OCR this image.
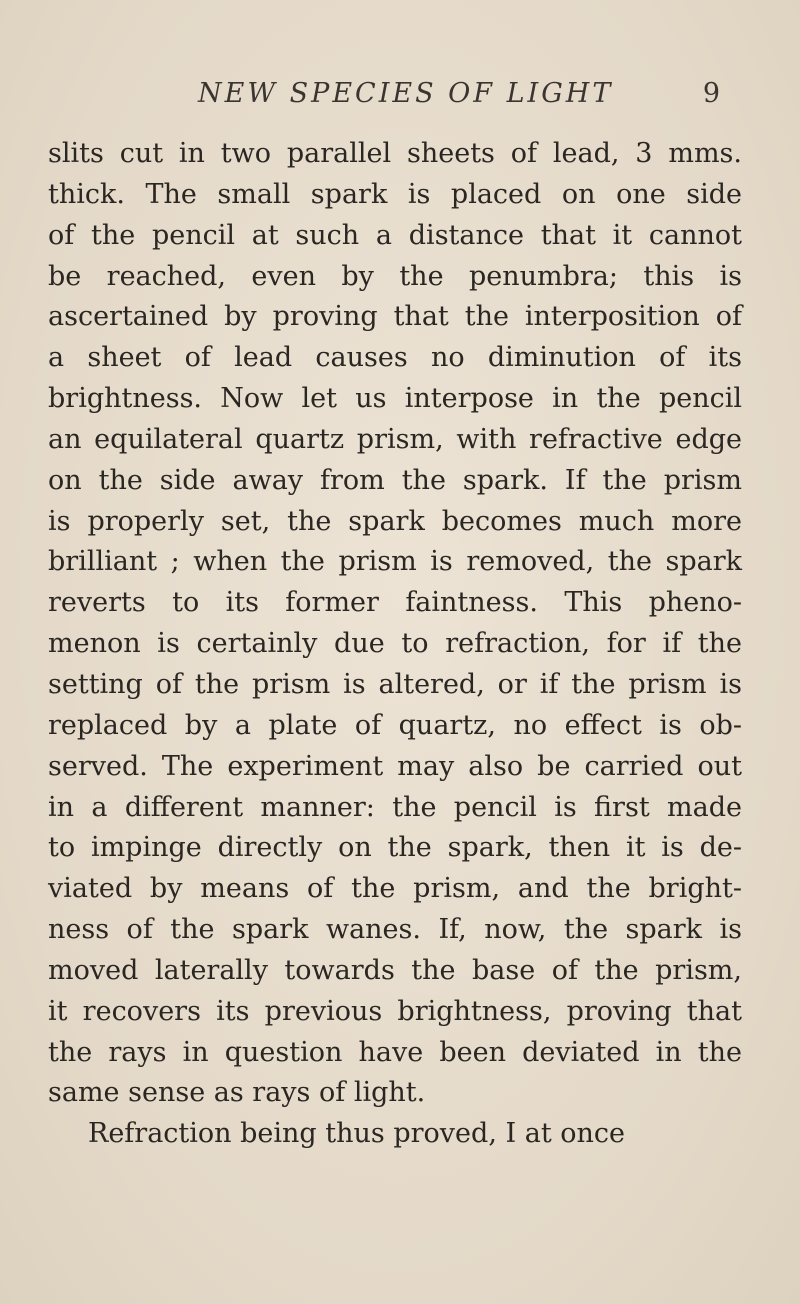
NEW SPECIES OF LIGHT	9
slits cut in two parallel sheets of lead, 3 mms.
thick. The small spark is placed on one side
of the pencil at such a distance that it cannot
be reached, even by the penumbra; this is
ascertained by proving that the interposition of
a sheet of lead causes no diminution of its
brightness. Now let us interpose in the pencil
an equilateral quartz prism, with refractive edge
on the side away from the spark. If the prism
is properly set, the spark becomes much more
brilliant ; when the prism is removed, the spark
reverts to its former faintness. This pheno-
menon is certainly due to refraction, for if the
setting of the prism is altered, or if the prism is
replaced by a plate of quartz, no effect is ob-
served. The experiment may also be carried out
in a different manner: the pencil is first made
to impinge directly on the spark, then it is de-
viated by means of the prism, and the bright-
ness of the spark wanes. If, now, the spark is
moved laterally towards the base of the prism,
it recovers its previous brightness, proving that
the rays in question have been deviated in the
same sense as rays of light.
Refraction being thus proved, I at once
